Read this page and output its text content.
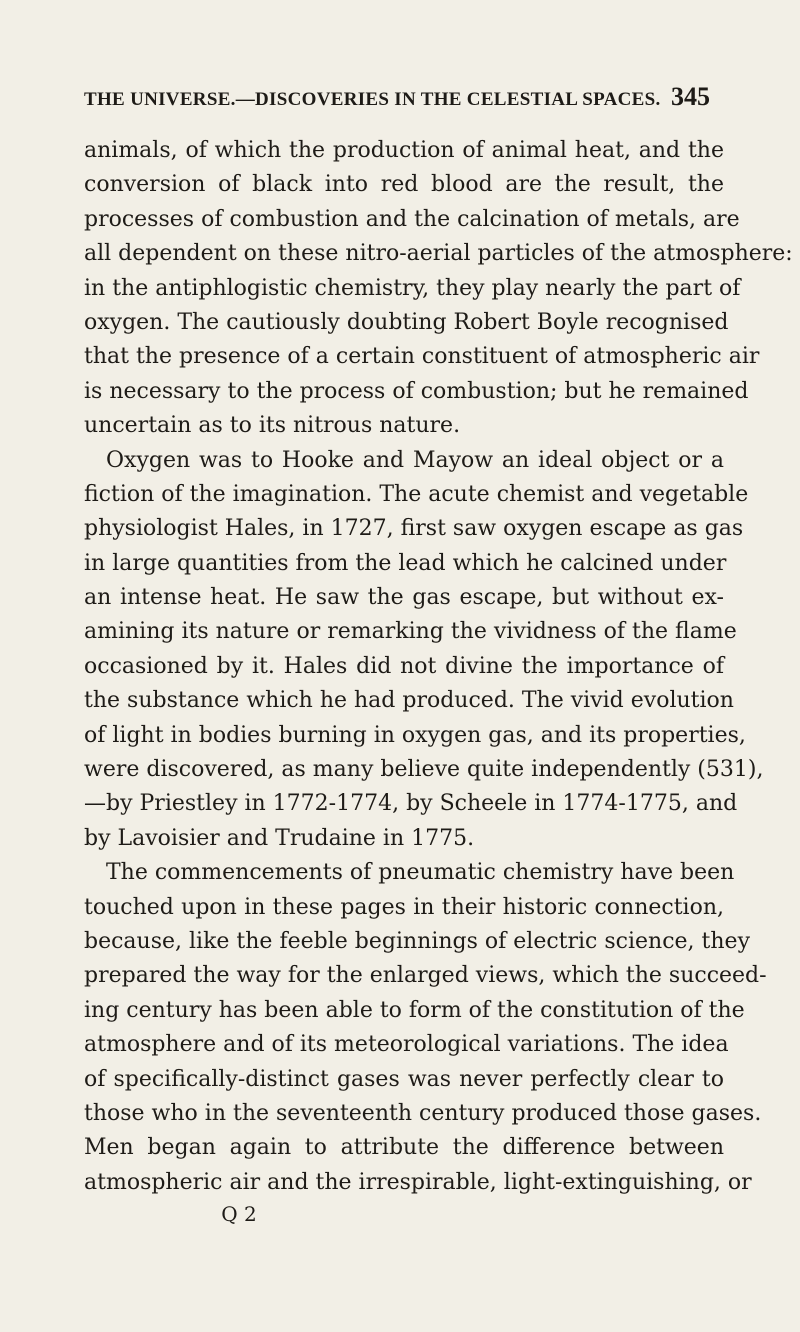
THE UNIVERSE.—DISCOVERIES IN THE CELESTIAL SPACES. 345
animals, of which the production of animal heat, and the
conversion of black into red blood are the result, the
processes of combustion and the calcination of metals, are
all dependent on these nitro-aerial particles of the atmosphere:
in the antiphlogistic chemistry, they play nearly the part of
oxygen. The cautiously doubting Robert Boyle recognised
that the presence of a certain constituent of atmospheric air
is necessary to the process of combustion; but he remained
uncertain as to its nitrous nature.
Oxygen was to Hooke and Mayow an ideal object or a
fiction of the imagination. The acute chemist and vegetable
physiologist Hales, in 1727, first saw oxygen escape as gas
in large quantities from the lead which he calcined under
an intense heat. He saw the gas escape, but without ex-
amining its nature or remarking the vividness of the flame
occasioned by it. Hales did not divine the importance of
the substance which he had produced. The vivid evolution
of light in bodies burning in oxygen gas, and its properties,
were discovered, as many believe quite independently (531),
—by Priestley in 1772-1774, by Scheele in 1774-1775, and
by Lavoisier and Trudaine in 1775.
The commencements of pneumatic chemistry have been
touched upon in these pages in their historic connection,
because, like the feeble beginnings of electric science, they
prepared the way for the enlarged views, which the succeed-
ing century has been able to form of the constitution of the
atmosphere and of its meteorological variations. The idea
of specifically-distinct gases was never perfectly clear to
those who in the seventeenth century produced those gases.
Men began again to attribute the difference between
atmospheric air and the irrespirable, light-extinguishing, or
Q 2
